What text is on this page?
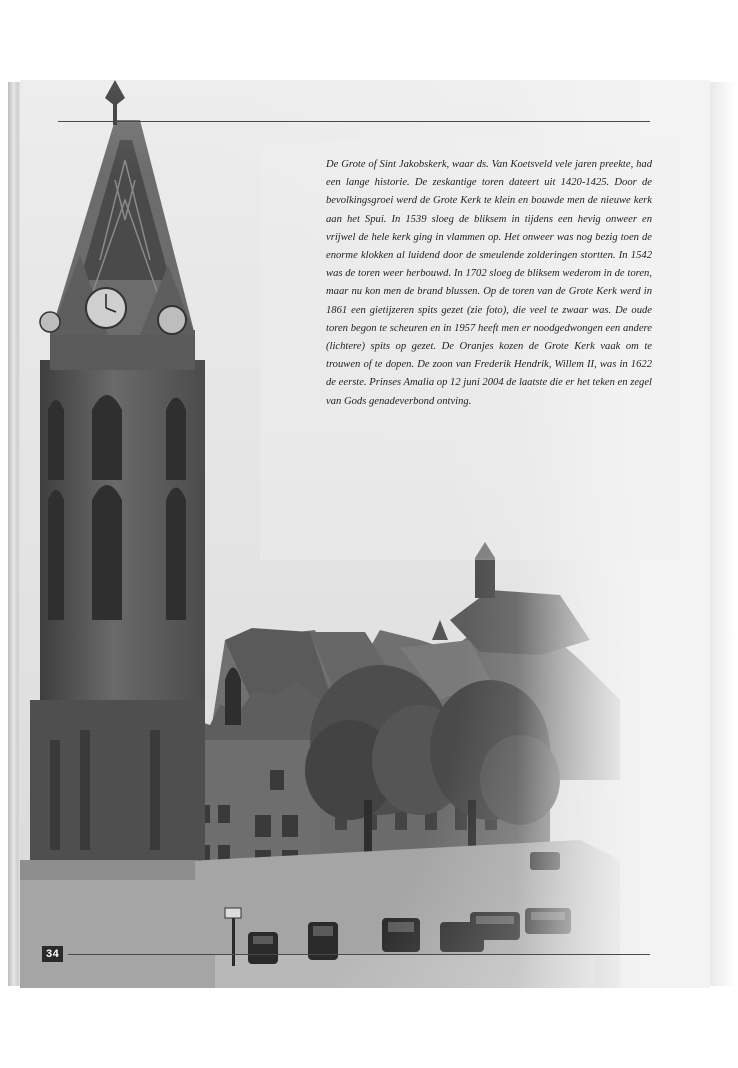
De Grote of Sint Jakobskerk, waar ds. Van Koetsveld vele jaren preekte, had een lange historie. De zeskantige toren dateert uit 1420-1425. Door de bevolkingsgroei werd de Grote Kerk te klein en bouwde men de nieuwe kerk aan het Spui. In 1539 sloeg de bliksem in tijdens een hevig onweer en vrijwel de hele kerk ging in vlammen op. Het onweer was nog bezig toen de enorme klokken al luidend door de smeulende zolderingen stortten. In 1542 was de toren weer herbouwd. In 1702 sloeg de bliksem wederom in de toren, maar nu kon men de brand blussen. Op de toren van de Grote Kerk werd in 1861 een gietijzeren spits gezet (zie foto), die veel te zwaar was. De oude toren begon te scheuren en in 1957 heeft men er noodgedwongen een andere (lichtere) spits op gezet. De Oranjes kozen de Grote Kerk vaak om te trouwen of te dopen. De zoon van Frederik Hendrik, Willem II, was in 1622 de eerste. Prinses Amalia op 12 juni 2004 de laatste die er het teken en zegel van Gods genadeverbond ontving.

34
